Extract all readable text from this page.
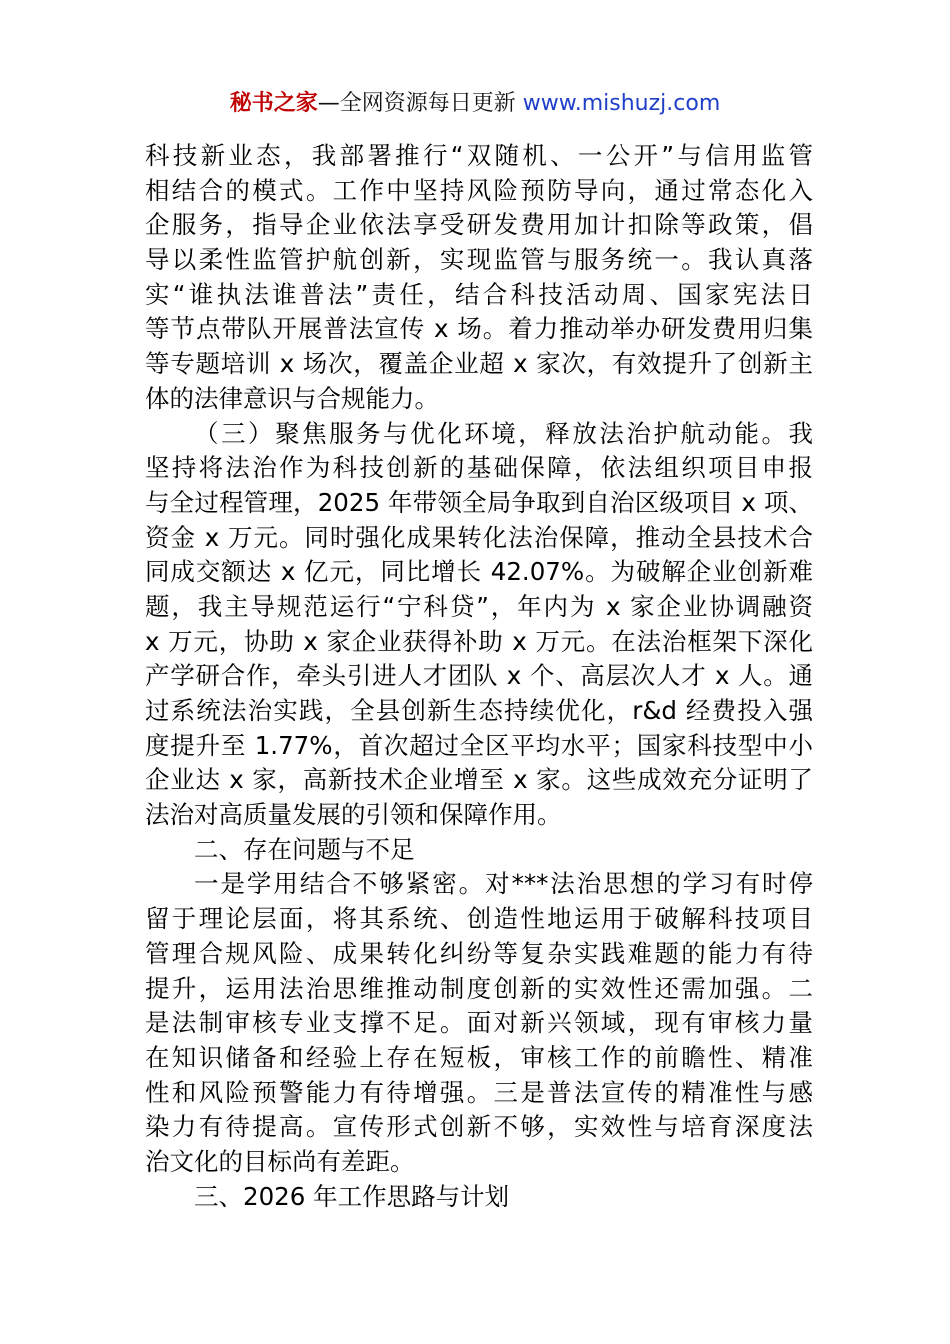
秘书之家—全网资源每日更新 www.mishuzj.com
科技新业态，我部署推行“双随机、一公开”与信用监管
相结合的模式。工作中坚持风险预防导向，通过常态化入
企服务，指导企业依法享受研发费用加计扣除等政策，倡
导以柔性监管护航创新，实现监管与服务统一。我认真落
实“谁执法谁普法”责任，结合科技活动周、国家宪法日
等节点带队开展普法宣传 x 场。着力推动举办研发费用归集
等专题培训 x 场次，覆盖企业超 x 家次，有效提升了创新主
体的法律意识与合规能力。
（三）聚焦服务与优化环境，释放法治护航动能。我
坚持将法治作为科技创新的基础保障，依法组织项目申报
与全过程管理，2025 年带领全局争取到自治区级项目 x 项、
资金 x 万元。同时强化成果转化法治保障，推动全县技术合
同成交额达 x 亿元，同比增长 42.07%。为破解企业创新难
题，我主导规范运行“宁科贷”，年内为 x 家企业协调融资
x 万元，协助 x 家企业获得补助 x 万元。在法治框架下深化
产学研合作，牵头引进人才团队 x 个、高层次人才 x 人。通
过系统法治实践，全县创新生态持续优化，r&d 经费投入强
度提升至 1.77%，首次超过全区平均水平；国家科技型中小
企业达 x 家，高新技术企业增至 x 家。这些成效充分证明了
法治对高质量发展的引领和保障作用。
二、存在问题与不足
一是学用结合不够紧密。对***法治思想的学习有时停
留于理论层面，将其系统、创造性地运用于破解科技项目
管理合规风险、成果转化纠纷等复杂实践难题的能力有待
提升，运用法治思维推动制度创新的实效性还需加强。二
是法制审核专业支撑不足。面对新兴领域，现有审核力量
在知识储备和经验上存在短板，审核工作的前瞻性、精准
性和风险预警能力有待增强。三是普法宣传的精准性与感
染力有待提高。宣传形式创新不够，实效性与培育深度法
治文化的目标尚有差距。
三、2026 年工作思路与计划
